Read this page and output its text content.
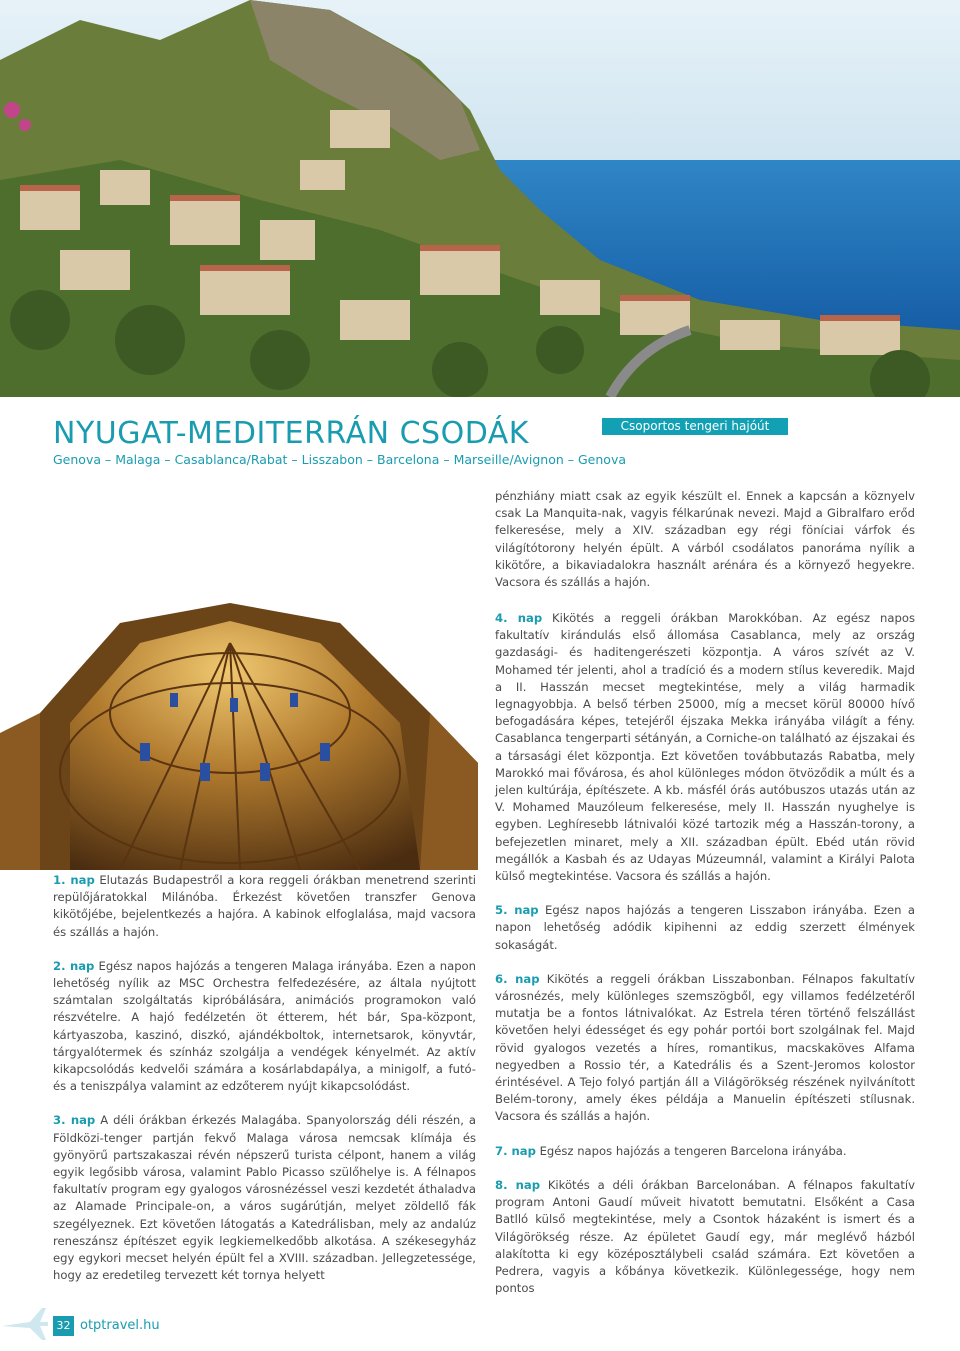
NYUGAT-MEDITERRÁN CSODÁK
Genova – Malaga – Casablanca/Rabat – Lisszabon – Barcelona – Marseille/Avignon – Genova
Csoportos tengeri hajóút

pénzhiány miatt csak az egyik készült el. Ennek a kapcsán a köznyelv csak La Manquita-nak, vagyis félkarúnak nevezi. Majd a Gibralfaro erőd felkeresése, mely a XIV. században egy régi föníciai várfok és világítótorony helyén épült. A várból csodálatos panoráma nyílik a kikötőre, a bikaviadalokra használt arénára és a környező hegyekre. Vacsora és szállás a hajón.

4. nap Kikötés a reggeli órákban Marokkóban. Az egész napos fakultatív kirándulás első állomása Casablanca, mely az ország gazdasági- és haditengerészeti központja. A város szívét az V. Mohamed tér jelenti, ahol a tradíció és a modern stílus keveredik. Majd a II. Hasszán mecset megtekintése, mely a világ harmadik legnagyobbja. A belső térben 25000, míg a mecset körül 80000 hívő befogadására képes, tetejéről éjszaka Mekka irányába világít a fény. Casablanca tengerparti sétányán, a Corniche-on található az éjszakai és a társasági élet központja. Ezt követően továbbutazás Rabatba, mely Marokkó mai fővárosa, és ahol különleges módon ötvöződik a múlt és a jelen kultúrája, építészete. A kb. másfél órás autóbuszos utazás után az V. Mohamed Mauzóleum felkeresése, mely II. Hasszán nyughelye is egyben. Leghíresebb látnivalói közé tartozik még a Hasszán-torony, a befejezetlen minaret, mely a XII. században épült. Ebéd után rövid megállók a Kasbah és az Udayas Múzeumnál, valamint a Királyi Palota külső megtekintése. Vacsora és szállás a hajón.

5. nap Egész napos hajózás a tengeren Lisszabon irányába. Ezen a napon lehetőség adódik kipihenni az eddig szerzett élmények sokaságát.

6. nap Kikötés a reggeli órákban Lisszabonban. Félnapos fakultatív városnézés, mely különleges szemszögből, egy villamos fedélzetéről mutatja be a fontos látnivalókat. Az Estrela téren történő felszállást követően helyi édességet és egy pohár portói bort szolgálnak fel. Majd rövid gyalogos vezetés a híres, romantikus, macskaköves Alfama negyedben a Rossio tér, a Katedrális és a Szent-Jeromos kolostor érintésével. A Tejo folyó partján áll a Világörökség részének nyilvánított Belém-torony, amely ékes példája a Manuelin építészeti stílusnak. Vacsora és szállás a hajón.

7. nap Egész napos hajózás a tengeren Barcelona irányába.

8. nap Kikötés a déli órákban Barcelonában. A félnapos fakultatív program Antoni Gaudí műveit hivatott bemutatni. Elsőként a Casa Batlló külső megtekintése, mely a Csontok házaként is ismert és a Világörökség része. Az épületet Gaudí egy, már meglévő házból alakította ki egy középosztálybeli család számára. Ezt követően a Pedrera, vagyis a kőbánya következik. Különlegessége, hogy nem pontos

1. nap Elutazás Budapestről a kora reggeli órákban menetrend szerinti repülőjáratokkal Milánóba. Érkezést követően transzfer Genova kikötőjébe, bejelentkezés a hajóra. A kabinok elfoglalása, majd vacsora és szállás a hajón.

2. nap Egész napos hajózás a tengeren Malaga irányába. Ezen a napon lehetőség nyílik az MSC Orchestra felfedezésére, az általa nyújtott számtalan szolgáltatás kipróbálására, animációs programokon való részvételre. A hajó fedélzetén öt étterem, hét bár, Spa-központ, kártyaszoba, kaszinó, diszkó, ajándékboltok, internetsarok, könyvtár, tárgyalótermek és színház szolgálja a vendégek kényelmét. Az aktív kikapcsolódás kedvelői számára a kosárlabdapálya, a minigolf, a futó- és a teniszpálya valamint az edzőterem nyújt kikapcsolódást.

3. nap A déli órákban érkezés Malagába. Spanyolország déli részén, a Földközi-tenger partján fekvő Malaga városa nemcsak klímája és gyönyörű partszakaszai révén népszerű turista célpont, hanem a világ egyik legősibb városa, valamint Pablo Picasso szülőhelye is. A félnapos fakultatív program egy gyalogos városnézéssel veszi kezdetét áthaladva az Alamade Principale-on, a város sugárútján, melyet zöldellő fák szegélyeznek. Ezt követően látogatás a Katedrálisban, mely az andalúz reneszánsz építészet egyik legkiemelkedőbb alkotása. A székesegyház egy egykori mecset helyén épült fel a XVIII. században. Jellegzetessége, hogy az eredetileg tervezett két tornya helyett

32 otptravel.hu
